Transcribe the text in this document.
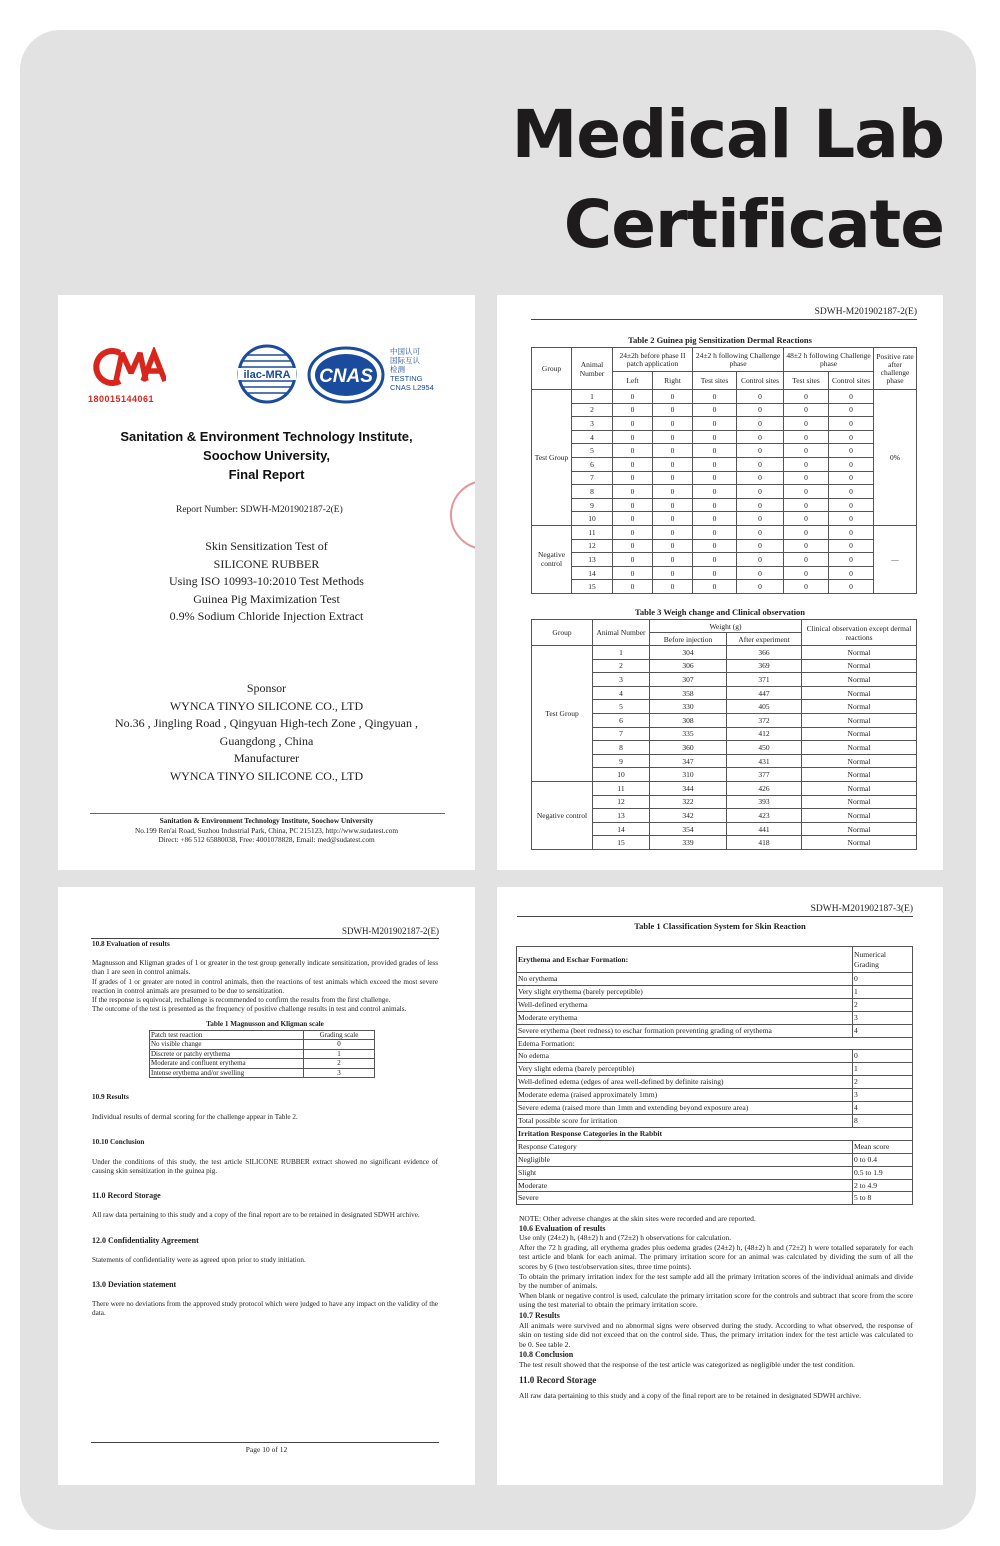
Medical Lab
Certificate
180015144061
ilac-MRA CNAS
中国认可
国际互认
检测
TESTING
CNAS L2954
Sanitation & Environment Technology Institute,
Soochow University,
Final Report
Report Number: SDWH-M201902187-2(E)
Skin Sensitization Test of
SILICONE RUBBER
Using ISO 10993-10:2010 Test Methods
Guinea Pig Maximization Test
0.9% Sodium Chloride Injection Extract
Sponsor
WYNCA TINYO SILICONE CO., LTD
No.36 , Jingling Road , Qingyuan High-tech Zone , Qingyuan ,
Guangdong , China
Manufacturer
WYNCA TINYO SILICONE CO., LTD
Sanitation & Environment Technology Institute, Soochow University
No.199 Ren'ai Road, Suzhou Industrial Park, China, PC 215123, http://www.sudatest.com
Direct: +86 512 65880038, Free: 4001078828, Email: med@sudatest.com
SDWH-M201902187-2(E)
Table 2 Guinea pig Sensitization Dermal Reactions
Group	Animal Number	24±2h before phase II patch application		24±2 h following Challenge phase		48±2 h following Challenge phase		Positive rate after challenge phase
		Left	Right	Test sites	Control sites	Test sites	Control sites	
Test Group	1	0	0	0	0	0	0	0%
	2	0	0	0	0	0	0	
	3	0	0	0	0	0	0	
	4	0	0	0	0	0	0	
	5	0	0	0	0	0	0	
	6	0	0	0	0	0	0	
	7	0	0	0	0	0	0	
	8	0	0	0	0	0	0	
	9	0	0	0	0	0	0	
	10	0	0	0	0	0	0	
Negative control	11	0	0	0	0	0	0	—
	12	0	0	0	0	0	0	
	13	0	0	0	0	0	0	
	14	0	0	0	0	0	0	
	15	0	0	0	0	0	0	
Table 3 Weigh change and Clinical observation
Group	Animal Number	Weight (g)		Clinical observation except dermal reactions
		Before injection	After experiment	
Test Group	1	304	366	Normal
	2	306	369	Normal
	3	307	371	Normal
	4	358	447	Normal
	5	330	405	Normal
	6	308	372	Normal
	7	335	412	Normal
	8	360	450	Normal
	9	347	431	Normal
	10	310	377	Normal
Negative control	11	344	426	Normal
	12	322	393	Normal
	13	342	423	Normal
	14	354	441	Normal
	15	339	418	Normal
SDWH-M201902187-2(E)
10.8 Evaluation of results
Magnusson and Kligman grades of 1 or greater in the test group generally indicate sensitization, provided grades of less than 1 are seen in control animals.
If grades of 1 or greater are noted in control animals, then the reactions of test animals which exceed the most severe reaction in control animals are presumed to be due to sensitization.
If the response is equivocal, rechallenge is recommended to confirm the results from the first challenge.
The outcome of the test is presented as the frequency of positive challenge results in test and control animals.
Table 1 Magnusson and Kligman scale
Patch test reaction	Grading scale
No visible change	0
Discrete or patchy erythema	1
Moderate and confluent erythema	2
Intense erythema and/or swelling	3
10.9 Results
Individual results of dermal scoring for the challenge appear in Table 2.
10.10 Conclusion
Under the conditions of this study, the test article SILICONE RUBBER extract showed no significant evidence of causing skin sensitization in the guinea pig.
11.0 Record Storage
All raw data pertaining to this study and a copy of the final report are to be retained in designated SDWH archive.
12.0 Confidentiality Agreement
Statements of confidentiality were as agreed upon prior to study initiation.
13.0 Deviation statement
There were no deviations from the approved study protocol which were judged to have any impact on the validity of the data.
Page 10 of 12
SDWH-M201902187-3(E)
Table 1 Classification System for Skin Reaction
Erythema and Eschar Formation:	Numerical Grading
No erythema	0
Very slight erythema (barely perceptible)	1
Well-defined erythema	2
Moderate erythema	3
Severe erythema (beet redness) to eschar formation preventing grading of erythema	4
Edema Formation:	
No edema	0
Very slight edema (barely perceptible)	1
Well-defined edema (edges of area well-defined by definite raising)	2
Moderate edema (raised approximately 1mm)	3
Severe edema (raised more than 1mm and extending beyond exposure area)	4
Total possible score for irritation	8
Irritation Response Categories in the Rabbit	
Response Category	Mean score
Negligible	0 to 0.4
Slight	0.5 to 1.9
Moderate	2 to 4.9
Severe	5 to 8
NOTE: Other adverse changes at the skin sites were recorded and are reported.
10.6 Evaluation of results
Use only (24±2) h, (48±2) h and (72±2) h observations for calculation.
After the 72 h grading, all erythema grades plus oedema grades (24±2) h, (48±2) h and (72±2) h were totalled separately for each test article and blank for each animal. The primary irritation score for an animal was calculated by dividing the sum of all the scores by 6 (two test/observation sites, three time points).
To obtain the primary irritation index for the test sample add all the primary irritation scores of the individual animals and divide by the number of animals.
When blank or negative control is used, calculate the primary irritation score for the controls and subtract that score from the score using the test material to obtain the primary irritation score.
10.7 Results
All animals were survived and no abnormal signs were observed during the study. According to what observed, the response of skin on testing side did not exceed that on the control side. Thus, the primary irritation index for the test article was calculated to be 0. See table 2.
10.8 Conclusion
The test result showed that the response of the test article was categorized as negligible under the test condition.
11.0 Record Storage
All raw data pertaining to this study and a copy of the final report are to be retained in designated SDWH archive.
